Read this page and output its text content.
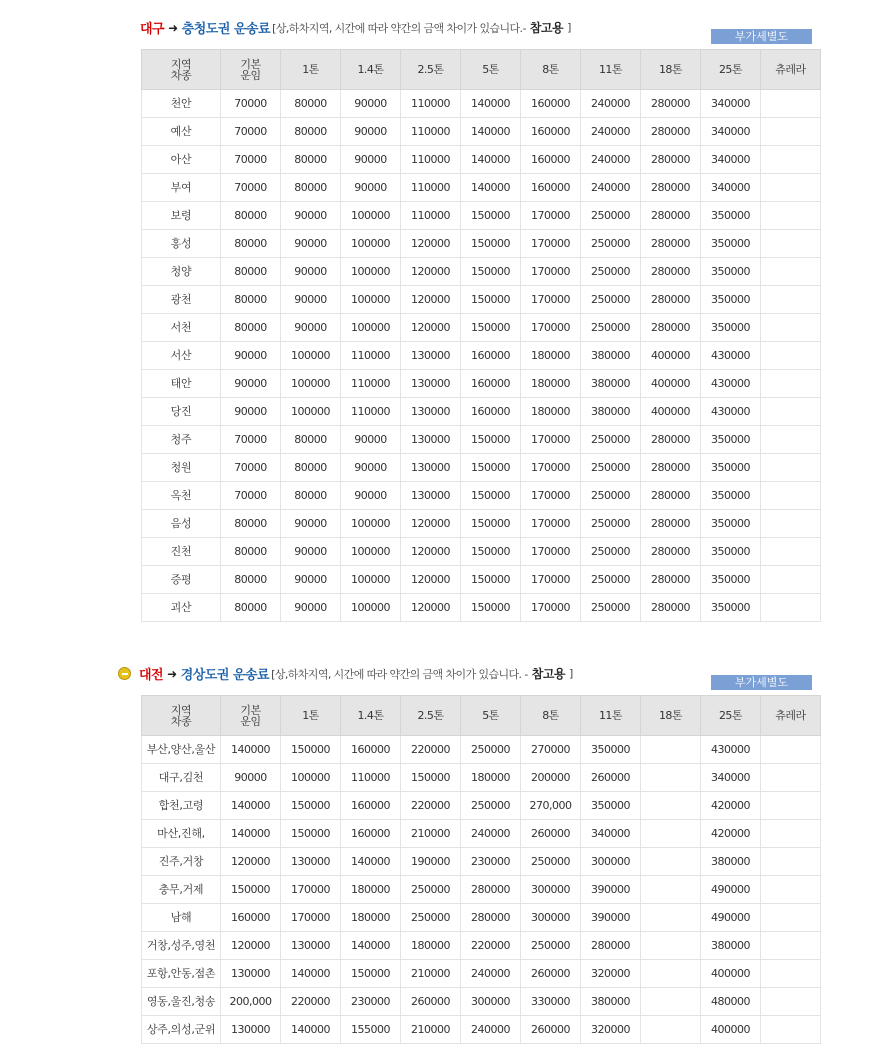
대구 ➜ 충청도권 운송료 [상,하차지역, 시간에 따라 약간의 금액 차이가 있습니다.- 참고용 ]
부가세별도
지역
차종	기본
운임	1톤	1.4톤	2.5톤	5톤	8톤	11톤	18톤	25톤	츄레라
천안	70000	80000	90000	110000	140000	160000	240000	280000	340000	
예산	70000	80000	90000	110000	140000	160000	240000	280000	340000	
아산	70000	80000	90000	110000	140000	160000	240000	280000	340000	
부여	70000	80000	90000	110000	140000	160000	240000	280000	340000	
보령	80000	90000	100000	110000	150000	170000	250000	280000	350000	
홍성	80000	90000	100000	120000	150000	170000	250000	280000	350000	
청양	80000	90000	100000	120000	150000	170000	250000	280000	350000	
광천	80000	90000	100000	120000	150000	170000	250000	280000	350000	
서천	80000	90000	100000	120000	150000	170000	250000	280000	350000	
서산	90000	100000	110000	130000	160000	180000	380000	400000	430000	
태안	90000	100000	110000	130000	160000	180000	380000	400000	430000	
당진	90000	100000	110000	130000	160000	180000	380000	400000	430000	
청주	70000	80000	90000	130000	150000	170000	250000	280000	350000	
청원	70000	80000	90000	130000	150000	170000	250000	280000	350000	
옥천	70000	80000	90000	130000	150000	170000	250000	280000	350000	
음성	80000	90000	100000	120000	150000	170000	250000	280000	350000	
진천	80000	90000	100000	120000	150000	170000	250000	280000	350000	
증평	80000	90000	100000	120000	150000	170000	250000	280000	350000	
괴산	80000	90000	100000	120000	150000	170000	250000	280000	350000	
대전 ➜ 경상도권 운송료 [상,하차지역, 시간에 따라 약간의 금액 차이가 있습니다. - 참고용 ]
부가세별도
지역
차종	기본
운임	1톤	1.4톤	2.5톤	5톤	8톤	11톤	18톤	25톤	츄레라
부산,양산,울산	140000	150000	160000	220000	250000	270000	350000		430000	
대구,김천	90000	100000	110000	150000	180000	200000	260000		340000	
합천,고령	140000	150000	160000	220000	250000	270,000	350000		420000	
마산,진해,	140000	150000	160000	210000	240000	260000	340000		420000	
진주,거창	120000	130000	140000	190000	230000	250000	300000		380000	
충무,거제	150000	170000	180000	250000	280000	300000	390000		490000	
남해	160000	170000	180000	250000	280000	300000	390000		490000	
거창,성주,영천	120000	130000	140000	180000	220000	250000	280000		380000	
포항,안동,점촌	130000	140000	150000	210000	240000	260000	320000		400000	
영동,울진,청송	200,000	220000	230000	260000	300000	330000	380000		480000	
상주,의성,군위	130000	140000	155000	210000	240000	260000	320000		400000	
